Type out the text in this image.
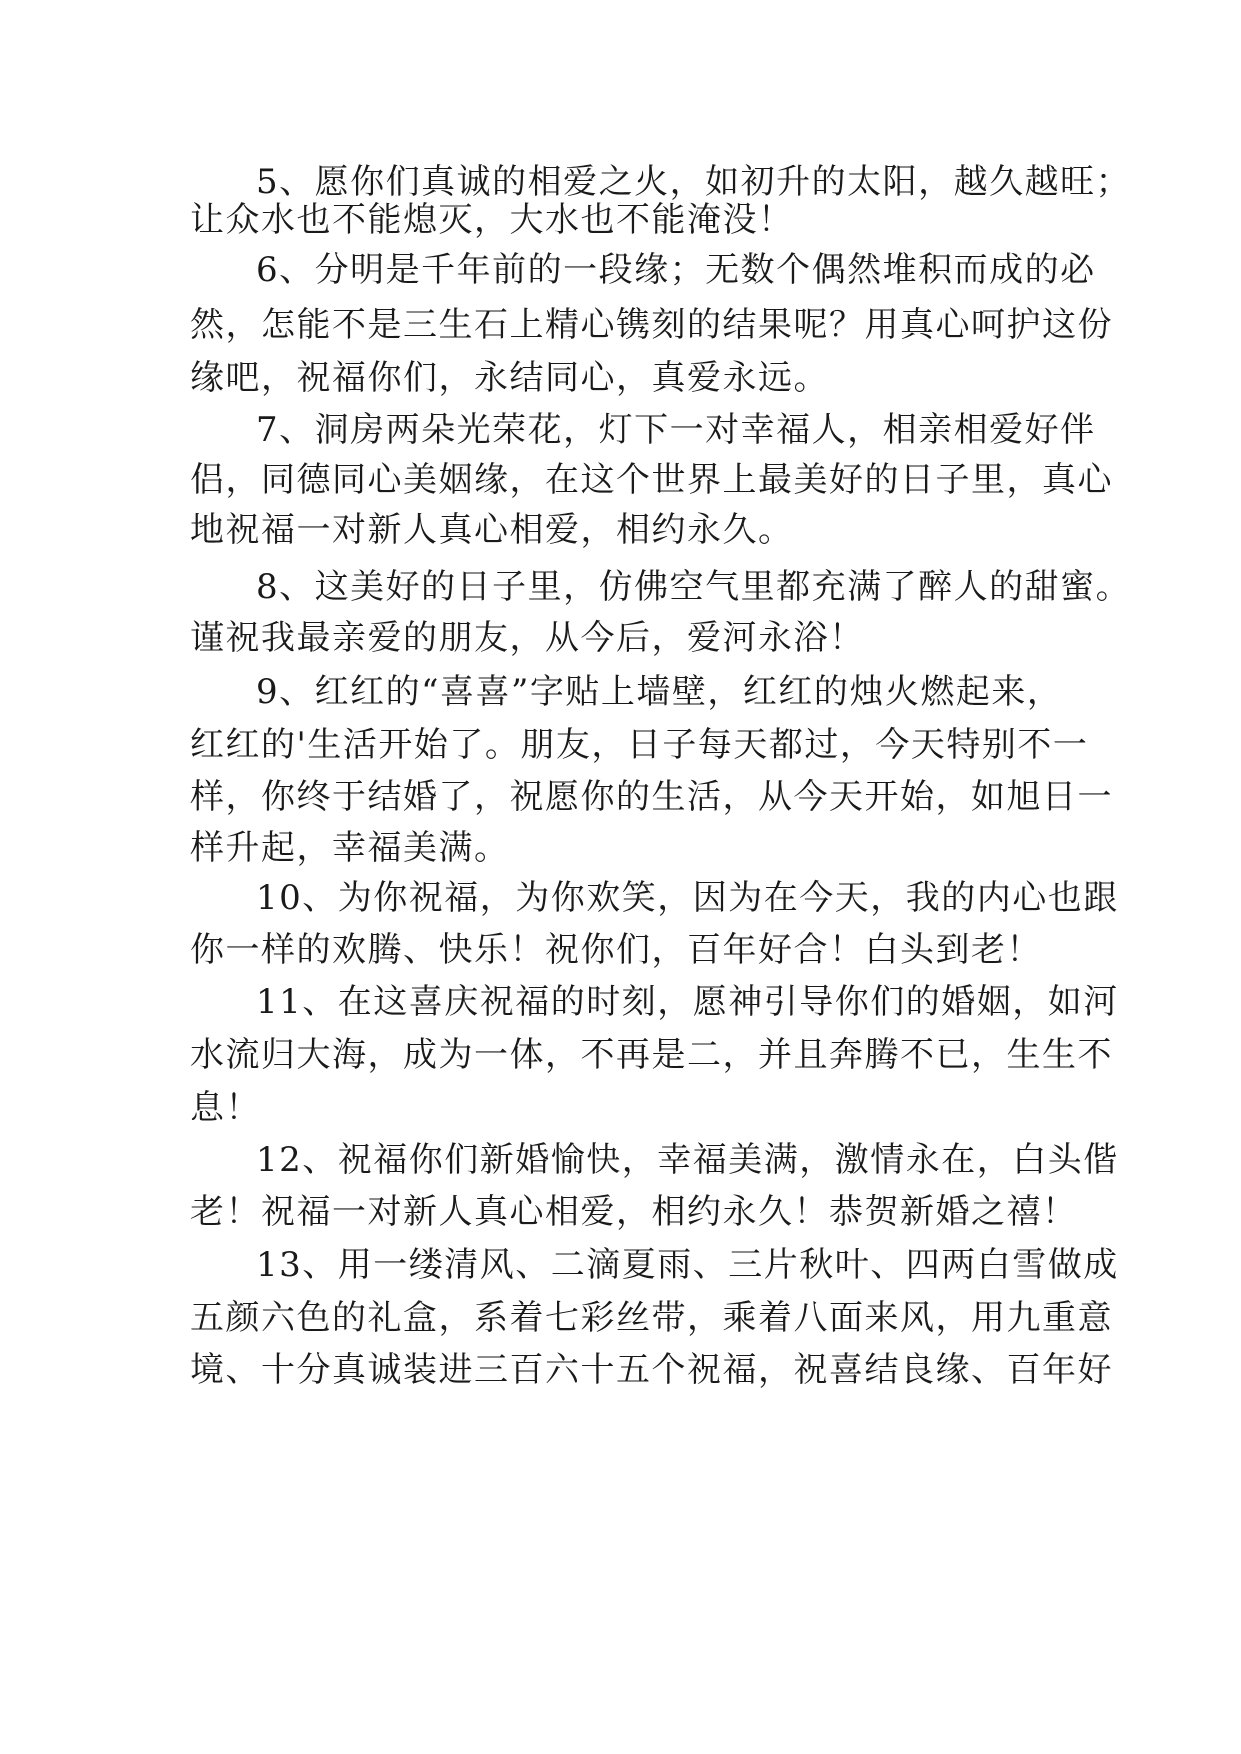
5、愿你们真诚的相爱之火，如初升的太阳，越久越旺；
让众水也不能熄灭，大水也不能淹没！
6、分明是千年前的一段缘；无数个偶然堆积而成的必
然，怎能不是三生石上精心镌刻的结果呢？用真心呵护这份
缘吧，祝福你们，永结同心，真爱永远。
7、洞房两朵光荣花，灯下一对幸福人，相亲相爱好伴
侣，同德同心美姻缘，在这个世界上最美好的日子里，真心
地祝福一对新人真心相爱，相约永久。
8、这美好的日子里，仿佛空气里都充满了醉人的甜蜜。
谨祝我最亲爱的朋友，从今后，爱河永浴！
9、红红的“喜喜”字贴上墙壁，红红的烛火燃起来，
红红的'生活开始了。朋友，日子每天都过，今天特别不一
样，你终于结婚了，祝愿你的生活，从今天开始，如旭日一
样升起，幸福美满。
10、为你祝福，为你欢笑，因为在今天，我的内心也跟
你一样的欢腾、快乐！祝你们，百年好合！白头到老！
11、在这喜庆祝福的时刻，愿神引导你们的婚姻，如河
水流归大海，成为一体，不再是二，并且奔腾不已，生生不
息！
12、祝福你们新婚愉快，幸福美满，激情永在，白头偕
老！祝福一对新人真心相爱，相约永久！恭贺新婚之禧！
13、用一缕清风、二滴夏雨、三片秋叶、四两白雪做成
五颜六色的礼盒，系着七彩丝带，乘着八面来风，用九重意
境、十分真诚装进三百六十五个祝福，祝喜结良缘、百年好
